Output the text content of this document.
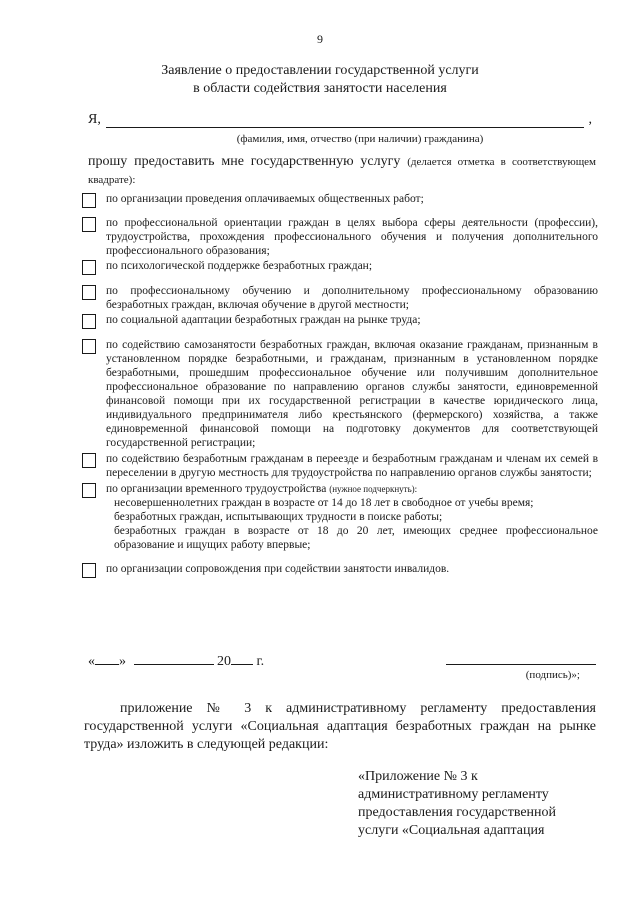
9
Заявление о предоставлении государственной услуги
в области содействия занятости населения
Я,	,
(фамилия, имя, отчество (при наличии) гражданина)
прошу предоставить мне государственную услугу (делается отметка в соответствующем квадрате):
по организации проведения оплачиваемых общественных работ;
по профессиональной ориентации граждан в целях выбора сферы деятельности (профессии), трудоустройства, прохождения профессионального обучения и получения дополнительного профессионального образования;
по психологической поддержке безработных граждан;
по профессиональному обучению и дополнительному профессиональному образованию безработных граждан, включая обучение в другой местности;
по социальной адаптации безработных граждан на рынке труда;
по содействию самозанятости безработных граждан, включая оказание гражданам, признанным в установленном порядке безработными, и гражданам, признанным в установленном порядке безработными, прошедшим профессиональное обучение или получившим дополнительное профессиональное образование по направлению органов службы занятости, единовременной финансовой помощи при их государственной регистрации в качестве юридического лица, индивидуального предпринимателя либо крестьянского (фермерского) хозяйства, а также единовременной финансовой помощи на подготовку документов для соответствующей государственной регистрации;
по содействию безработным гражданам в переезде и безработным гражданам и членам их семей в переселении в другую местность для трудоустройства по направлению органов службы занятости;
по организации временного трудоустройства (нужное подчеркнуть):
несовершеннолетних граждан в возрасте от 14 до 18 лет в свободное от учебы время;
безработных граждан, испытывающих трудности в поиске работы;
безработных граждан в возрасте от 18 до 20 лет, имеющих среднее профессиональное образование и ищущих работу впервые;
по организации сопровождения при содействии занятости инвалидов.
« »	20 г.
(подпись)»;
приложение № 3 к административному регламенту предоставления государственной услуги «Социальная адаптация безработных граждан на рынке труда» изложить в следующей редакции:
«Приложение № 3 к
административному регламенту
предоставления государственной
услуги «Социальная адаптация
